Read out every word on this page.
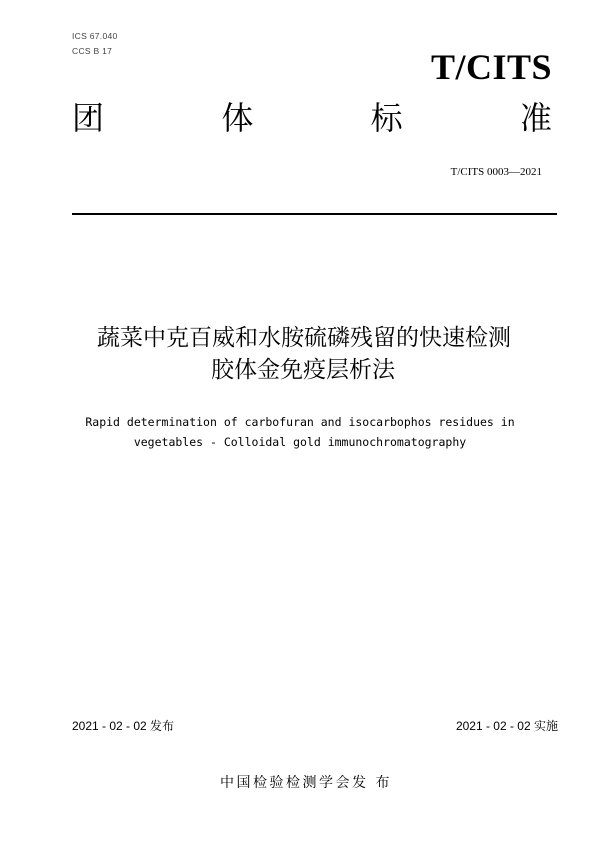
ICS 67.040
CCS B 17	T/CITS
团	体	标	准
T/CITS 0003—2021
蔬菜中克百威和水胺硫磷残留的快速检测
胶体金免疫层析法
Rapid determination of carbofuran and isocarbophos residues in
vegetables - Colloidal gold immunochromatography
2021 - 02 - 02 发布	2021 - 02 - 02 实施
中国检验检测学会发 布
